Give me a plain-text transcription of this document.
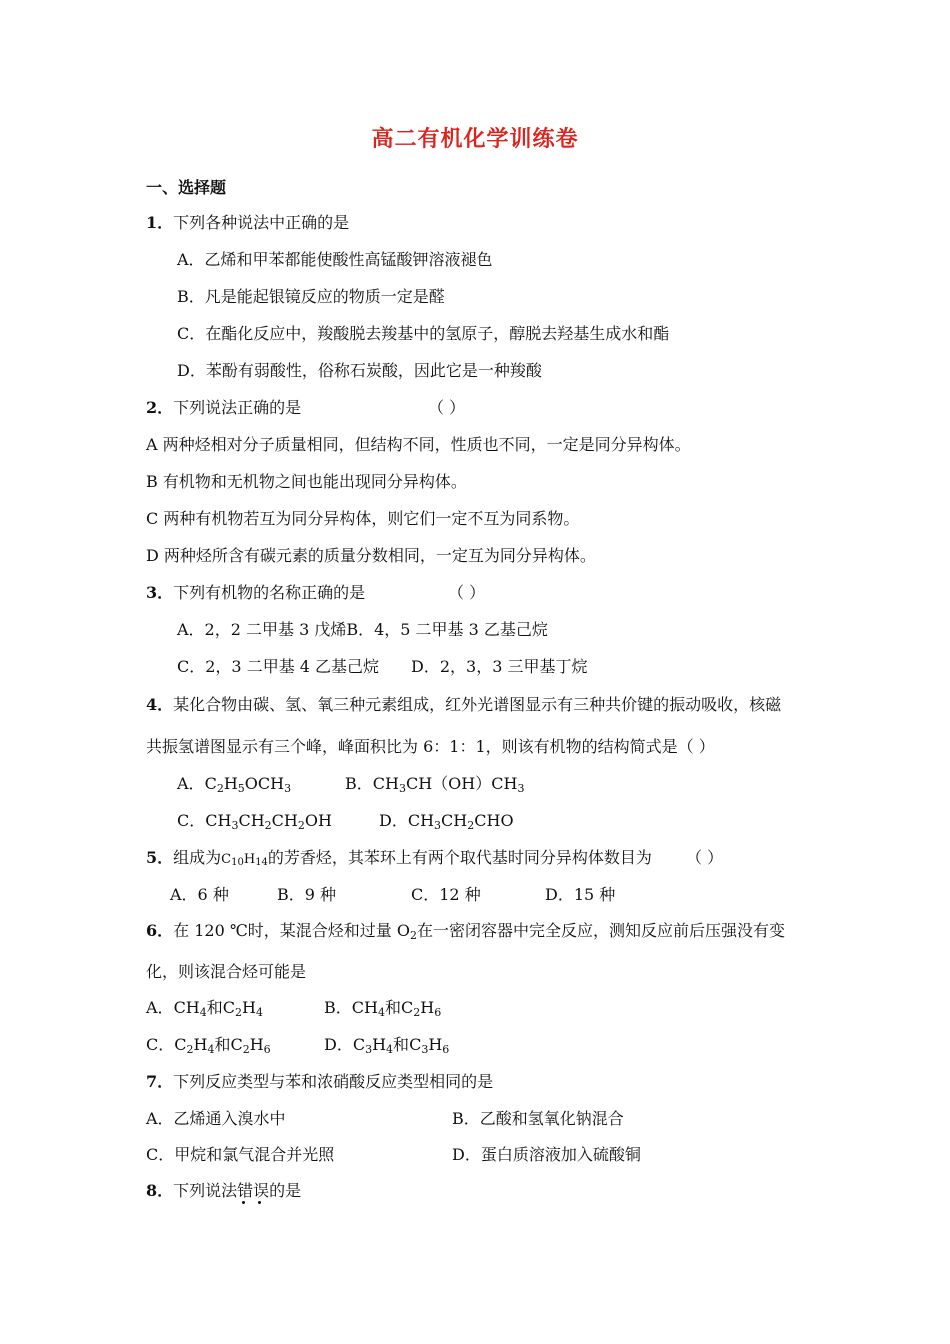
高二有机化学训练卷
一、选择题
1．下列各种说法中正确的是
A．乙烯和甲苯都能使酸性高锰酸钾溶液褪色
B．凡是能起银镜反应的物质一定是醛
C．在酯化反应中，羧酸脱去羧基中的氢原子，醇脱去羟基生成水和酯
D．苯酚有弱酸性，俗称石炭酸，因此它是一种羧酸
2．下列说法正确的是	（ ）
A 两种烃相对分子质量相同，但结构不同，性质也不同，一定是同分异构体。
B 有机物和无机物之间也能出现同分异构体。
C 两种有机物若互为同分异构体，则它们一定不互为同系物。
D 两种烃所含有碳元素的质量分数相同，一定互为同分异构体。
3．下列有机物的名称正确的是	（ ）
A．2，2 二甲基 3 戊烯B．4，5 二甲基 3 乙基己烷
C．2，3 二甲基 4 乙基己烷 D．2，3，3 三甲基丁烷
4．某化合物由碳、氢、氧三种元素组成，红外光谱图显示有三种共价键的振动吸收，核磁
共振氢谱图显示有三个峰，峰面积比为 6：1：1，则该有机物的结构简式是（ ）
A．$C_2H_5OCH_3$	B．$CH_3CH(OH)CH_3$
C．$CH_3CH_2CH_2OH$	D．$CH_3CH_2CHO$
5．组成为C10H14的芳香烃，其苯环上有两个取代基时同分异构体数目为 （ ）
A．6 种	B．9 种	C．12 种	D．15 种
6．在 120 ℃时，某混合烃和过量 $O_2$在一密闭容器中完全反应，测知反应前后压强没有变
化，则该混合烃可能是
A．$CH_4$和$C_2H_4$	B．$CH_4$和$C_2H_6$
C．$C_2H_4$和$C_2H_6$	D．$C_3H_4$和$C_3H_6$
7．下列反应类型与苯和浓硝酸反应类型相同的是
A．乙烯通入溴水中	B．乙酸和氢氧化钠混合
C．甲烷和氯气混合并光照	D．蛋白质溶液加入硫酸铜
8．下列说法错误的是
